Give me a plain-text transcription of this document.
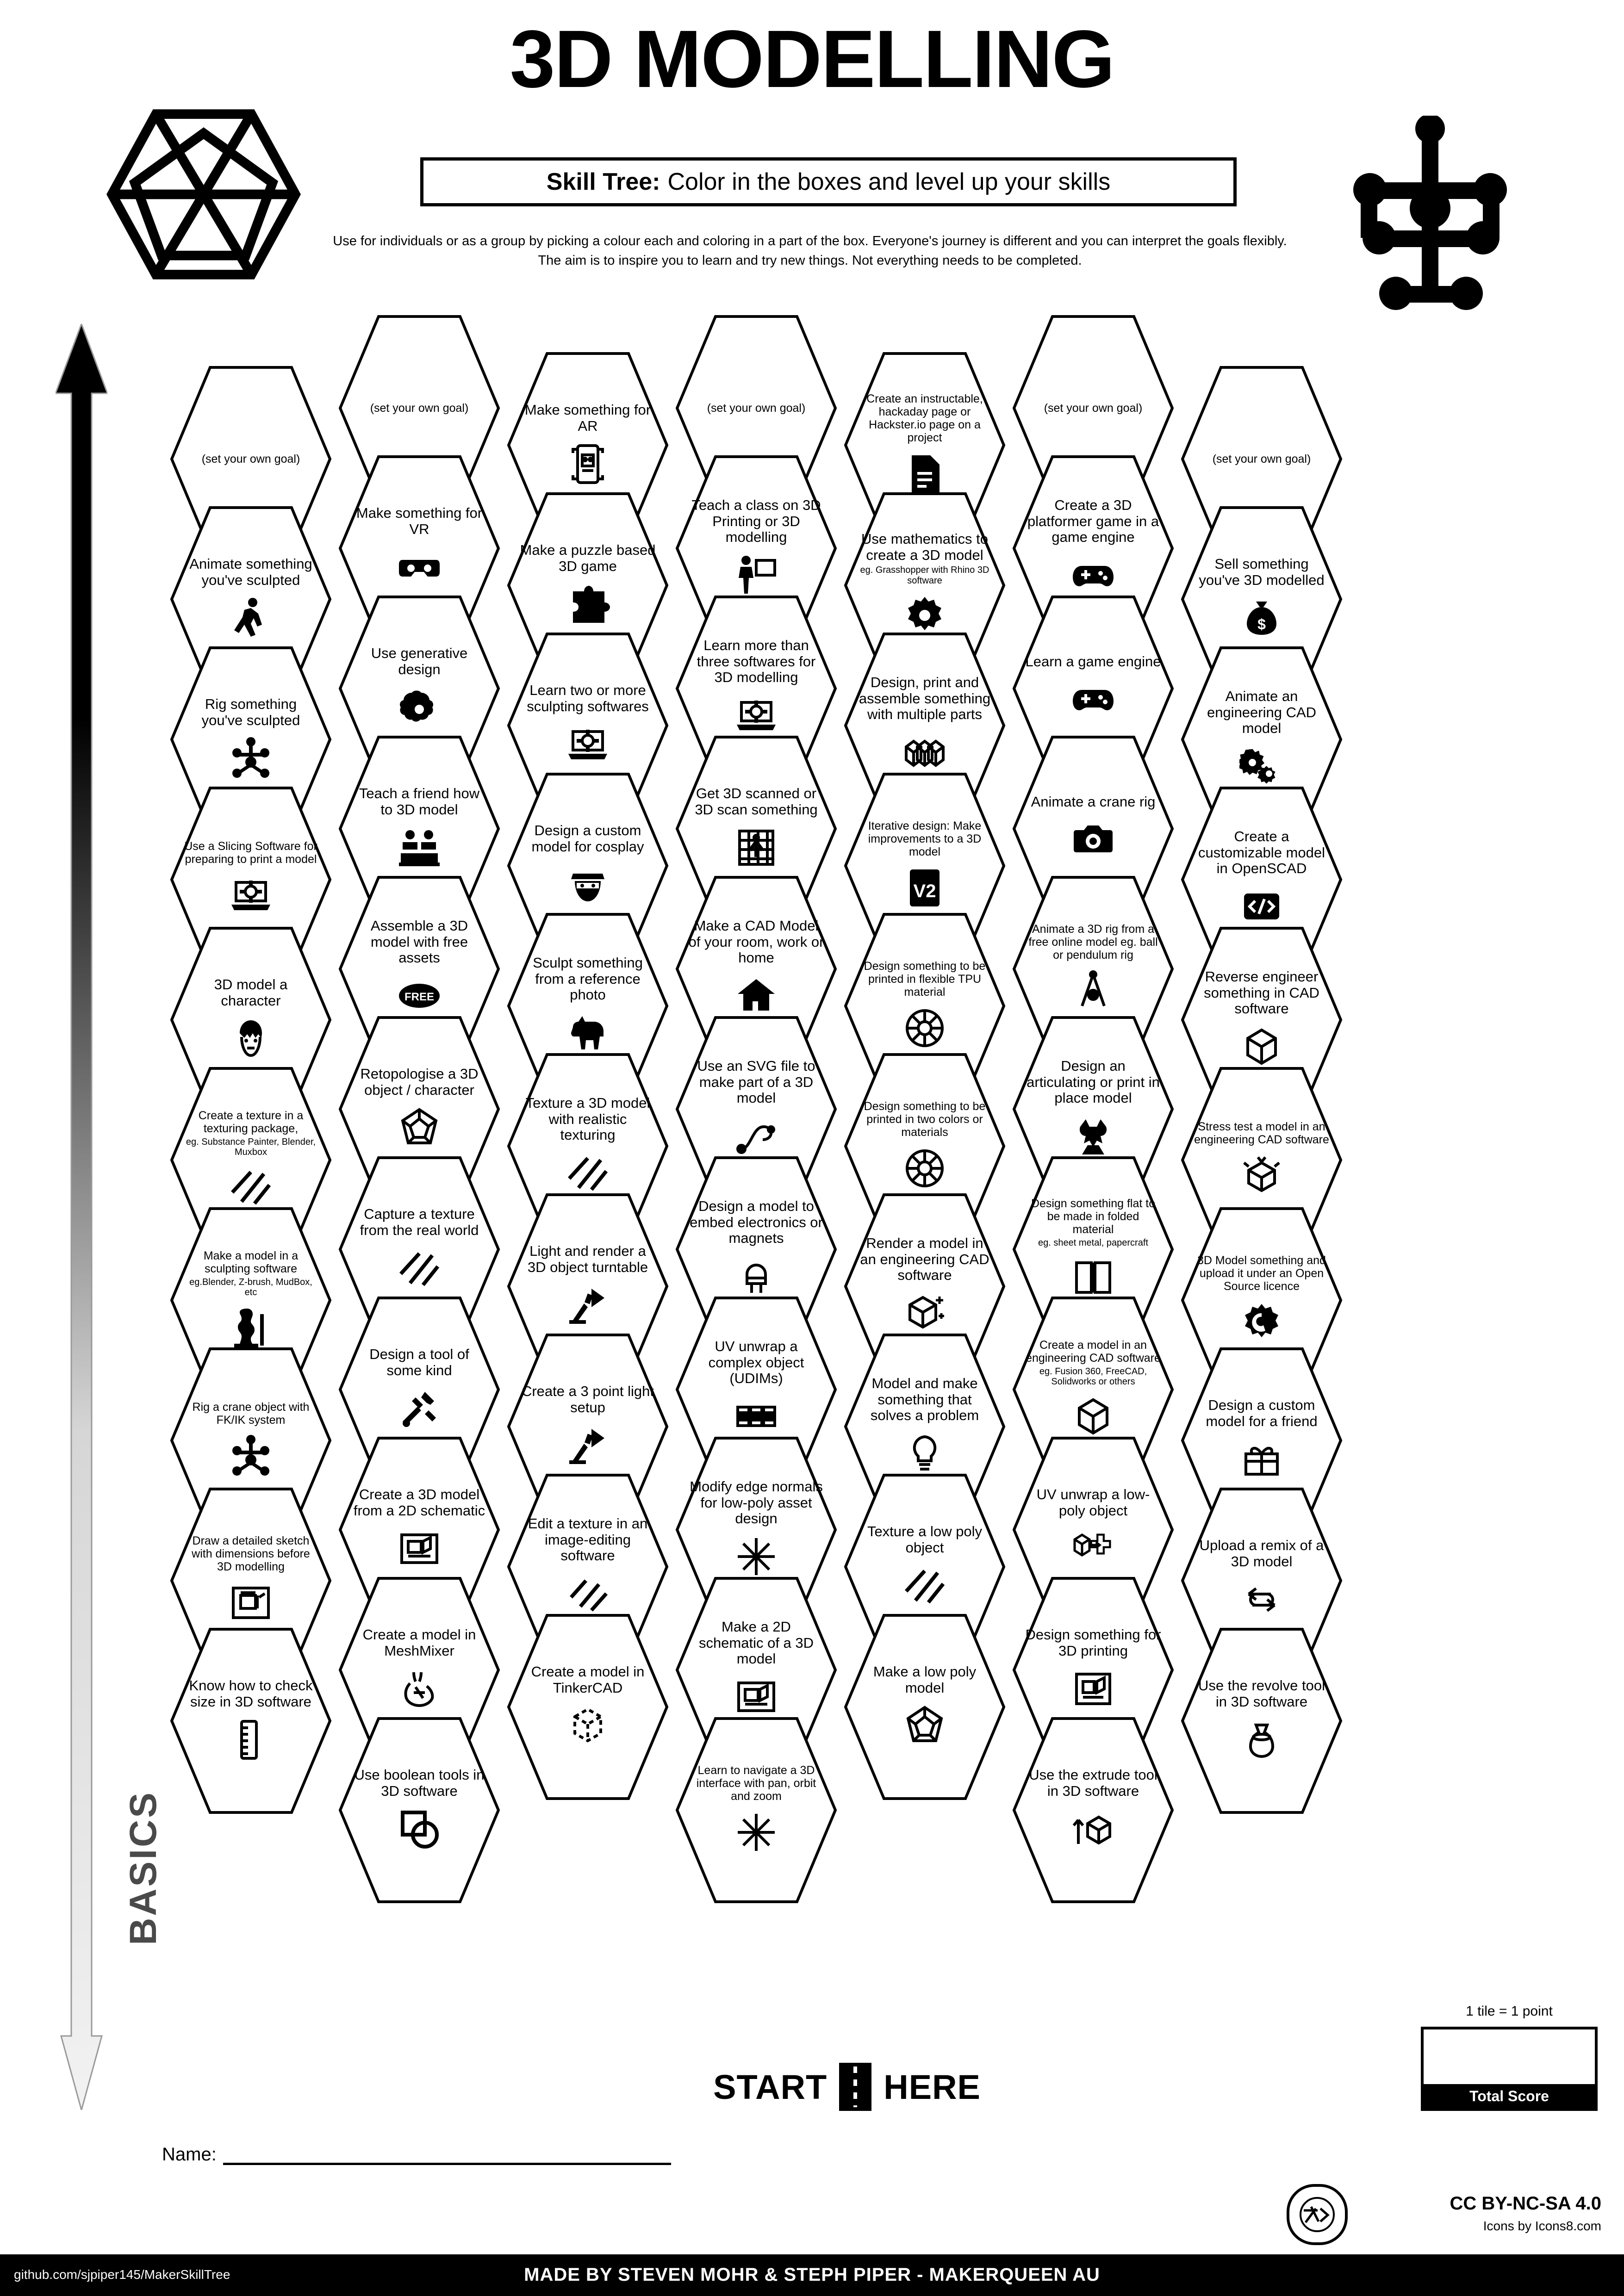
3D MODELLING
Skill Tree: Color in the boxes and level up your skills
Use for individuals or as a group by picking a colour each and coloring in a part of the box. Everyone's journey is different and you can interpret the goals flexibly. The aim is to inspire you to learn and try new things. Not everything needs to be completed.
ADVANCED
BASICS
(set your own goal)
Animate something you've sculpted
Rig something you've sculpted
Use a Slicing Software for preparing to print a model
3D model a character
Create a texture in a texturing package,
eg. Substance Painter, Blender, Muxbox
Make a model in a sculpting software
eg.Blender, Z-brush, MudBox, etc
Rig a crane object with FK/IK system
Draw a detailed sketch with dimensions before 3D modelling
Know how to check size in 3D software
(set your own goal)
Make something for VR
Use generative design
Teach a friend how to 3D model
Assemble a 3D model with free assets
FREE
Retopologise a 3D object / character
Capture a texture from the real world
Design a tool of some kind
Create a 3D model from a 2D schematic
Create a model in MeshMixer
Use boolean tools in 3D software
Make something for AR
Make a puzzle based 3D game
Learn two or more sculpting softwares
Design a custom model for cosplay
Sculpt something from a reference photo
Texture a 3D model with realistic texturing
Light and render a 3D object turntable
Create a 3 point light setup
Edit a texture in an image-editing software
Create a model in TinkerCAD
(set your own goal)
Teach a class on 3D Printing or 3D modelling
Learn more than three softwares for 3D modelling
Get 3D scanned or 3D scan something
Make a CAD Model of your room, work or home
Use an SVG file to make part of a 3D model
Design a model to embed electronics or magnets
UV unwrap a complex object (UDIMs)
Modify edge normals for low-poly asset design
Make a 2D schematic of a 3D model
Learn to navigate a 3D interface with pan, orbit and zoom
Create an instructable, hackaday page or Hackster.io page on a project
Use mathematics to create a 3D model
eg. Grasshopper with Rhino 3D software
Design, print and assemble something with multiple parts
Iterative design: Make improvements to a 3D model
V2
Design something to be printed in flexible TPU material
Design something to be printed in two colors or materials
Render a model in an engineering CAD software
Model and make something that solves a problem
Texture a low poly object
Make a low poly model
(set your own goal)
Create a 3D platformer game in a game engine
Learn a game engine
Animate a crane rig
Animate a 3D rig from a free online model eg. ball or pendulum rig
Design an articulating or print in place model
Design something flat to be made in folded material
eg. sheet metal, papercraft
Create a model in an engineering CAD software
eg. Fusion 360, FreeCAD, Solidworks or others
UV unwrap a low-poly object
Design something for 3D printing
Use the extrude tool in 3D software
(set your own goal)
Sell something you've 3D modelled
$
Animate an engineering CAD model
Create a customizable model in OpenSCAD
Reverse engineer something in CAD software
Stress test a model in an engineering CAD software
3D Model something and upload it under an Open Source licence
Design a custom model for a friend
Upload a remix of a 3D model
Use the revolve tool in 3D software
START HERE
1 tile = 1 point
Total Score
Name:
CC BY-NC-SA 4.0
Icons by Icons8.com
github.com/sjpiper145/MakerSkillTree	MADE BY STEVEN MOHR & STEPH PIPER - MAKERQUEEN AU
